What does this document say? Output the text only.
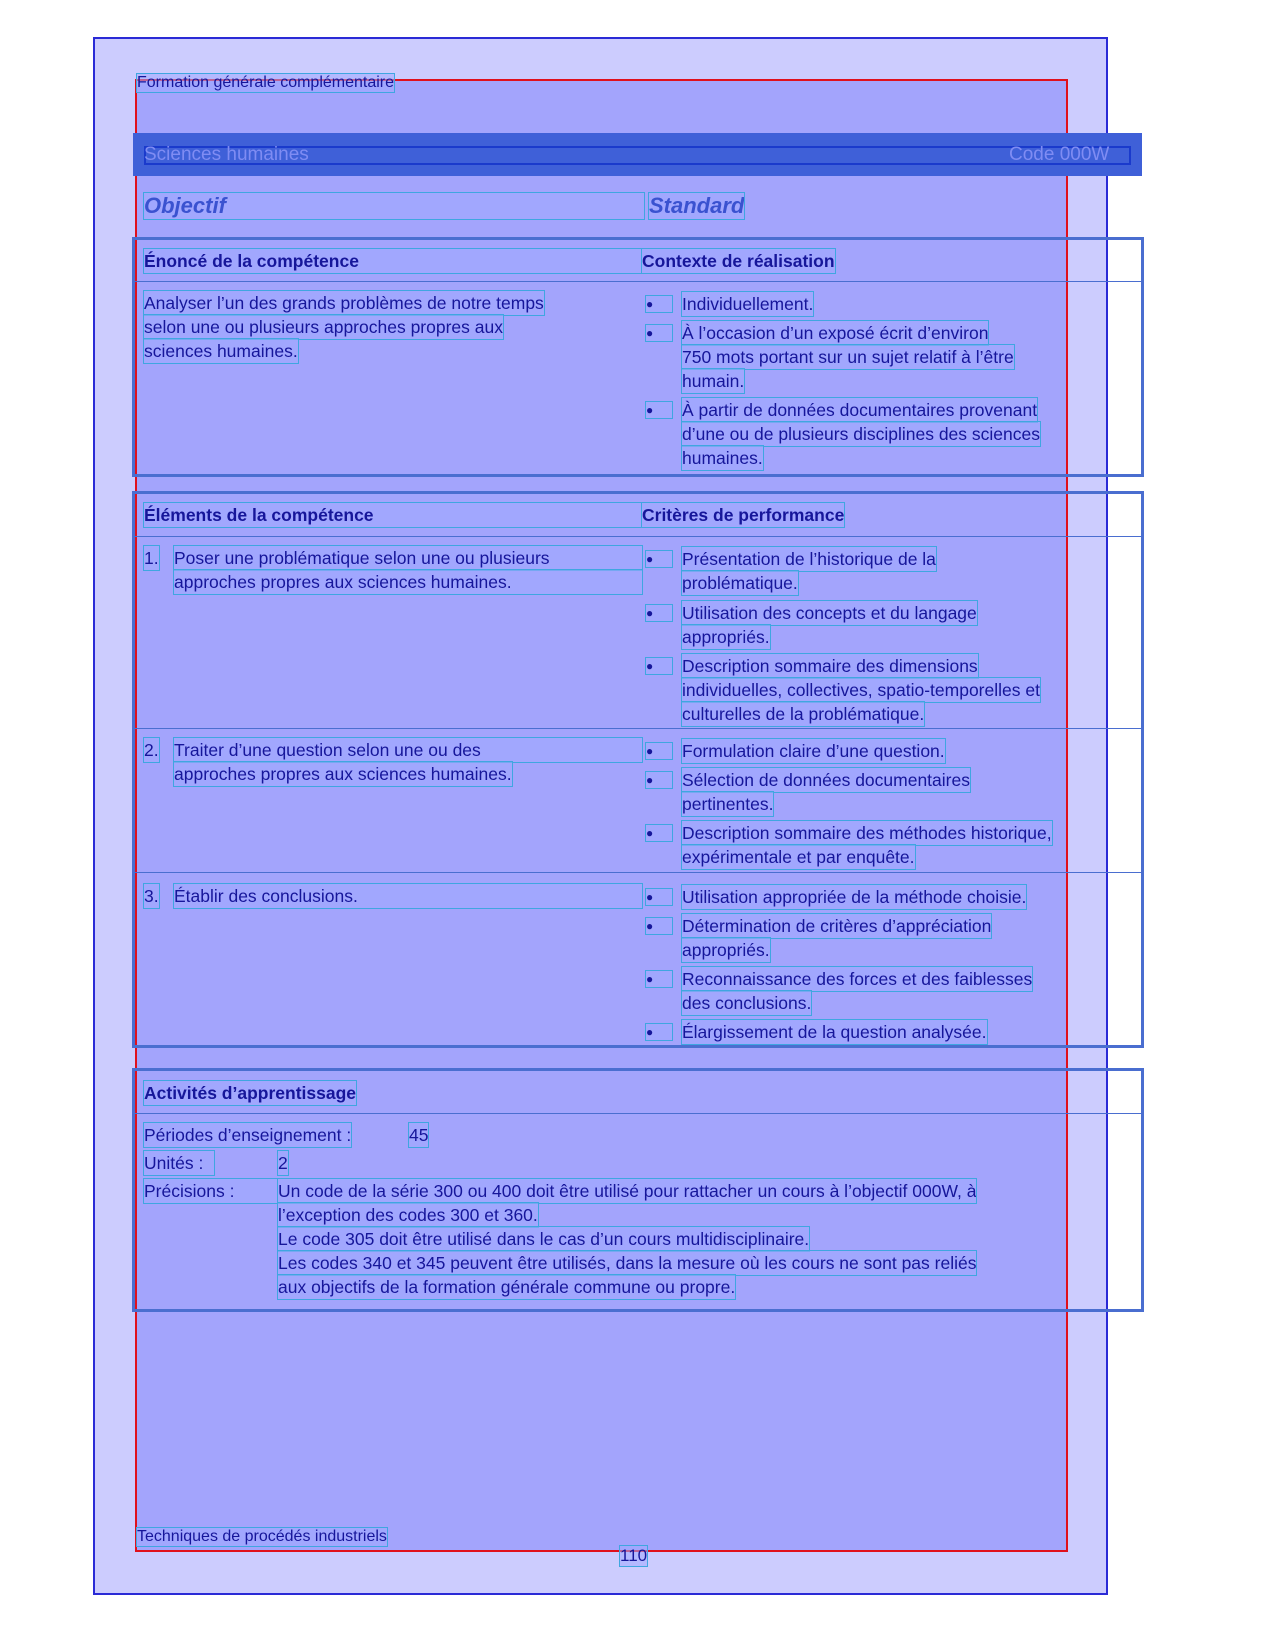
Formation générale complémentaire
Sciences humaines	Code 000W
Objectif	Standard
Énoncé de la compétence	Contexte de réalisation
Analyser l’un des grands problèmes de notre temps
selon une ou plusieurs approches propres aux
sciences humaines.
●
Individuellement.
●
À l’occasion d’un exposé écrit d’environ
750 mots portant sur un sujet relatif à l’être
humain.
●
À partir de données documentaires provenant
d’une ou de plusieurs disciplines des sciences
humaines.
Éléments de la compétence	Critères de performance
1. Poser une problématique selon une ou plusieurs
approches propres aux sciences humaines.
●
Présentation de l’historique de la
problématique.
●
Utilisation des concepts et du langage
appropriés.
●
Description sommaire des dimensions
individuelles, collectives, spatio-temporelles et
culturelles de la problématique.
2. Traiter d’une question selon une ou des
approches propres aux sciences humaines.
●
Formulation claire d’une question.
●
Sélection de données documentaires
pertinentes.
●
Description sommaire des méthodes historique,
expérimentale et par enquête.
3. Établir des conclusions.
●	Utilisation appropriée de la méthode choisie.
●
Détermination de critères d’appréciation
appropriés.
●
Reconnaissance des forces et des faiblesses
des conclusions.
●
Élargissement de la question analysée.
Activités d’apprentissage
Périodes d’enseignement :	45
Unités :	2
Précisions :	Un code de la série 300 ou 400 doit être utilisé pour rattacher un cours à l’objectif 000W, à
l’exception des codes 300 et 360.
Le code 305 doit être utilisé dans le cas d’un cours multidisciplinaire.
Les codes 340 et 345 peuvent être utilisés, dans la mesure où les cours ne sont pas reliés
aux objectifs de la formation générale commune ou propre.
Techniques de procédés industriels
110
